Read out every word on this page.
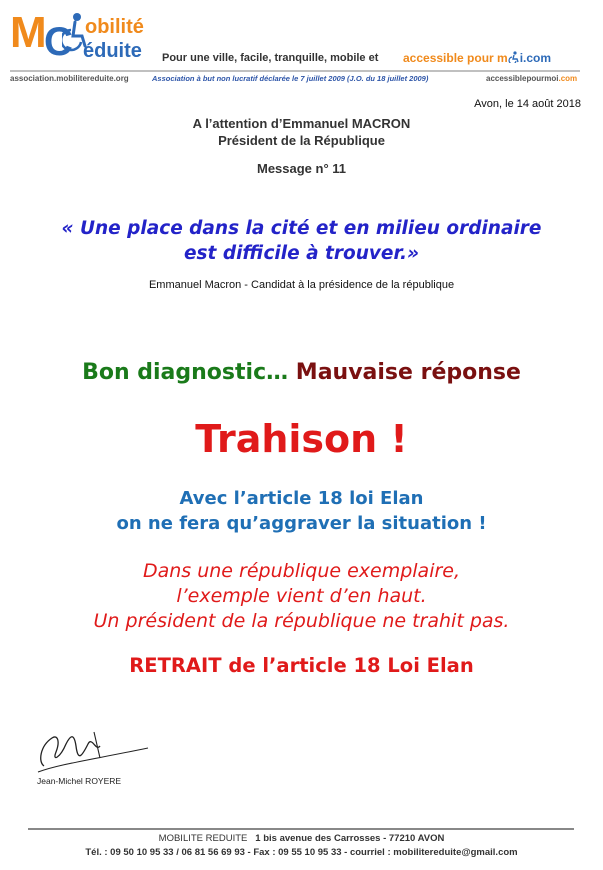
M C obilité
éduite Pour une ville, facile, tranquille, mobile et accessible pour m i.com
association.mobilitereduite.org	Association à but non lucratif déclarée le 7 juillet 2009 (J.O. du 18 juillet 2009)	accessiblepourmoi.com
Avon, le 14 août 2018
A l’attention d’Emmanuel MACRON
Président de la République
Message n° 11
« Une place dans la cité et en milieu ordinaire
est difficile à trouver.»
Emmanuel Macron - Candidat à la présidence de la république
Bon diagnostic… Mauvaise réponse
Trahison !
Avec l’article 18 loi Elan
on ne fera qu’aggraver la situation !
Dans une république exemplaire,
l’exemple vient d’en haut.
Un président de la république ne trahit pas.
RETRAIT de l’article 18 Loi Elan
Jean-Michel ROYERE
MOBILITE REDUITE 1 bis avenue des Carrosses - 77210 AVON
Tél. : 09 50 10 95 33 / 06 81 56 69 93 - Fax : 09 55 10 95 33 - courriel : mobilitereduite@gmail.com
